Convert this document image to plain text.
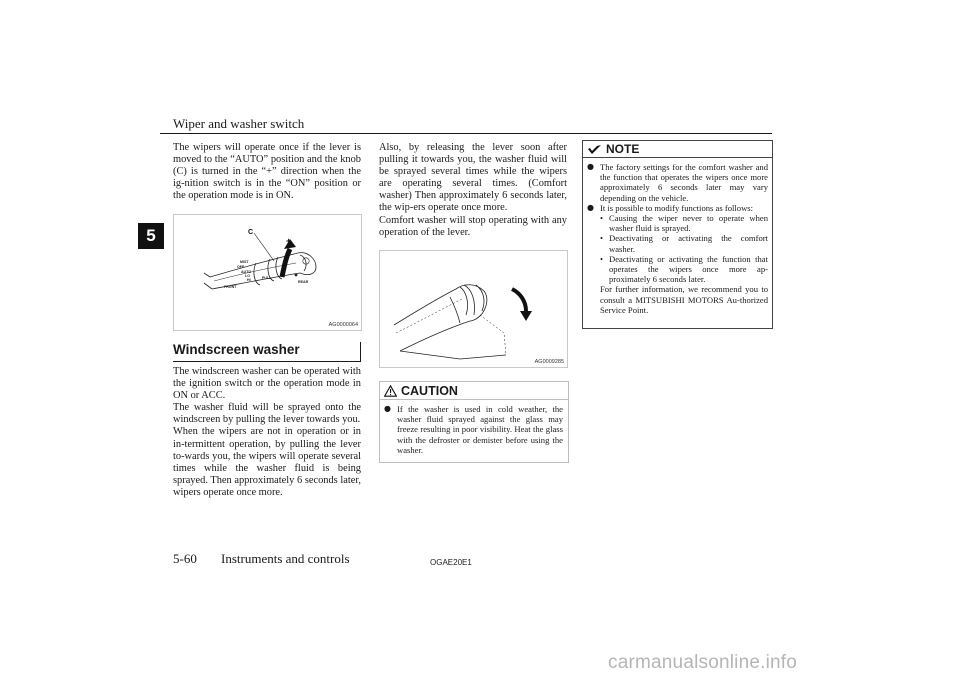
Wiper and washer switch
5

The wipers will operate once if the lever is moved to the “AUTO” position and the knob (C) is turned in the “+” direction when the ig-nition switch is in the “ON” position or the operation mode is in ON.

C
+
MIST
OFF
AUTO
LO
HI
FRONT
PULL
REAR
AG0000064
Windscreen washer

The windscreen washer can be operated with the ignition switch or the operation mode in ON or ACC.

The washer fluid will be sprayed onto the windscreen by pulling the lever towards you.

When the wipers are not in operation or in in-termittent operation, by pulling the lever to-wards you, the wipers will operate several times while the washer fluid is being sprayed. Then approximately 6 seconds later, wipers operate once more.

Also, by releasing the lever soon after pulling it towards you, the washer fluid will be sprayed several times while the wipers are operating several times. (Comfort washer) Then approximately 6 seconds later, the wip-ers operate once more.

Comfort washer will stop operating with any operation of the lever.

AG0009285
CAUTION
● If the washer is used in cold weather, the washer fluid sprayed against the glass may freeze resulting in poor visibility. Heat the glass with the defroster or demister before using the washer.
NOTE
● The factory settings for the comfort washer and the function that operates the wipers once more approximately 6 seconds later may vary depending on the vehicle.
● It is possible to modify functions as follows:
• Causing the wiper never to operate when washer fluid is sprayed.
• Deactivating or activating the comfort washer.
• Deactivating or activating the function that operates the wipers once more ap-proximately 6 seconds later.
For further information, we recommend you to consult a MITSUBISHI MOTORS Au-thorized Service Point.
5-60 Instruments and controls	OGAE20E1
carmanualsonline.info
